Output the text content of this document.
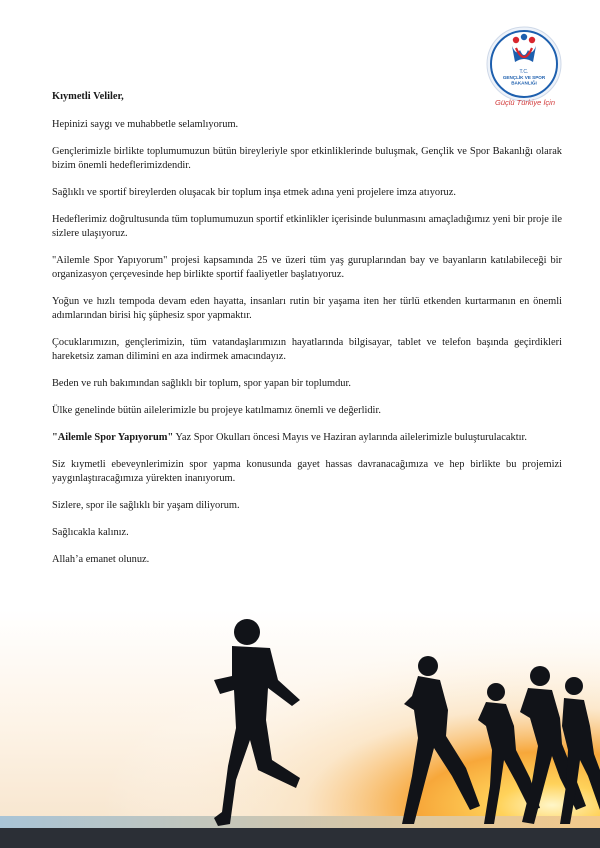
T.C.
GENÇLİK VE SPOR
BAKANLIĞI
Güçlü Türkiye İçin
Kıymetli Veliler,

Hepinizi saygı ve muhabbetle selamlıyorum.

Gençlerimizle birlikte toplumumuzun bütün bireyleriyle spor etkinliklerinde buluşmak, Gençlik ve Spor Bakanlığı olarak bizim önemli hedeflerimizdendir.

Sağlıklı ve sportif bireylerden oluşacak bir toplum inşa etmek adına yeni projelere imza atıyoruz.

Hedeflerimiz doğrultusunda tüm toplumumuzun sportif etkinlikler içerisinde bulunmasını amaçladığımız yeni bir proje ile sizlere ulaşıyoruz.

"Ailemle Spor Yapıyorum" projesi kapsamında 25 ve üzeri tüm yaş guruplarından bay ve bayanların katılabileceği bir organizasyon çerçevesinde hep birlikte sportif faaliyetler başlatıyoruz.

Yoğun ve hızlı tempoda devam eden hayatta, insanları rutin bir yaşama iten her türlü etkenden kurtarmanın en önemli adımlarından birisi hiç şüphesiz spor yapmaktır.

Çocuklarımızın, gençlerimizin, tüm vatandaşlarımızın hayatlarında bilgisayar, tablet ve telefon başında geçirdikleri hareketsiz zaman dilimini en aza indirmek amacındayız.

Beden ve ruh bakımından sağlıklı bir toplum, spor yapan bir toplumdur.

Ülke genelinde bütün ailelerimizle bu projeye katılmamız önemli ve değerlidir.

"Ailemle Spor Yapıyorum" Yaz Spor Okulları öncesi Mayıs ve Haziran aylarında ailelerimizle buluşturulacaktır.

Siz kıymetli ebeveynlerimizin spor yapma konusunda gayet hassas davranacağımıza ve hep birlikte bu projemizi yaygınlaştıracağımıza yürekten inanıyorum.

Sizlere, spor ile sağlıklı bir yaşam diliyorum.

Sağlıcakla kalınız.

Allah’a emanet olunuz.
